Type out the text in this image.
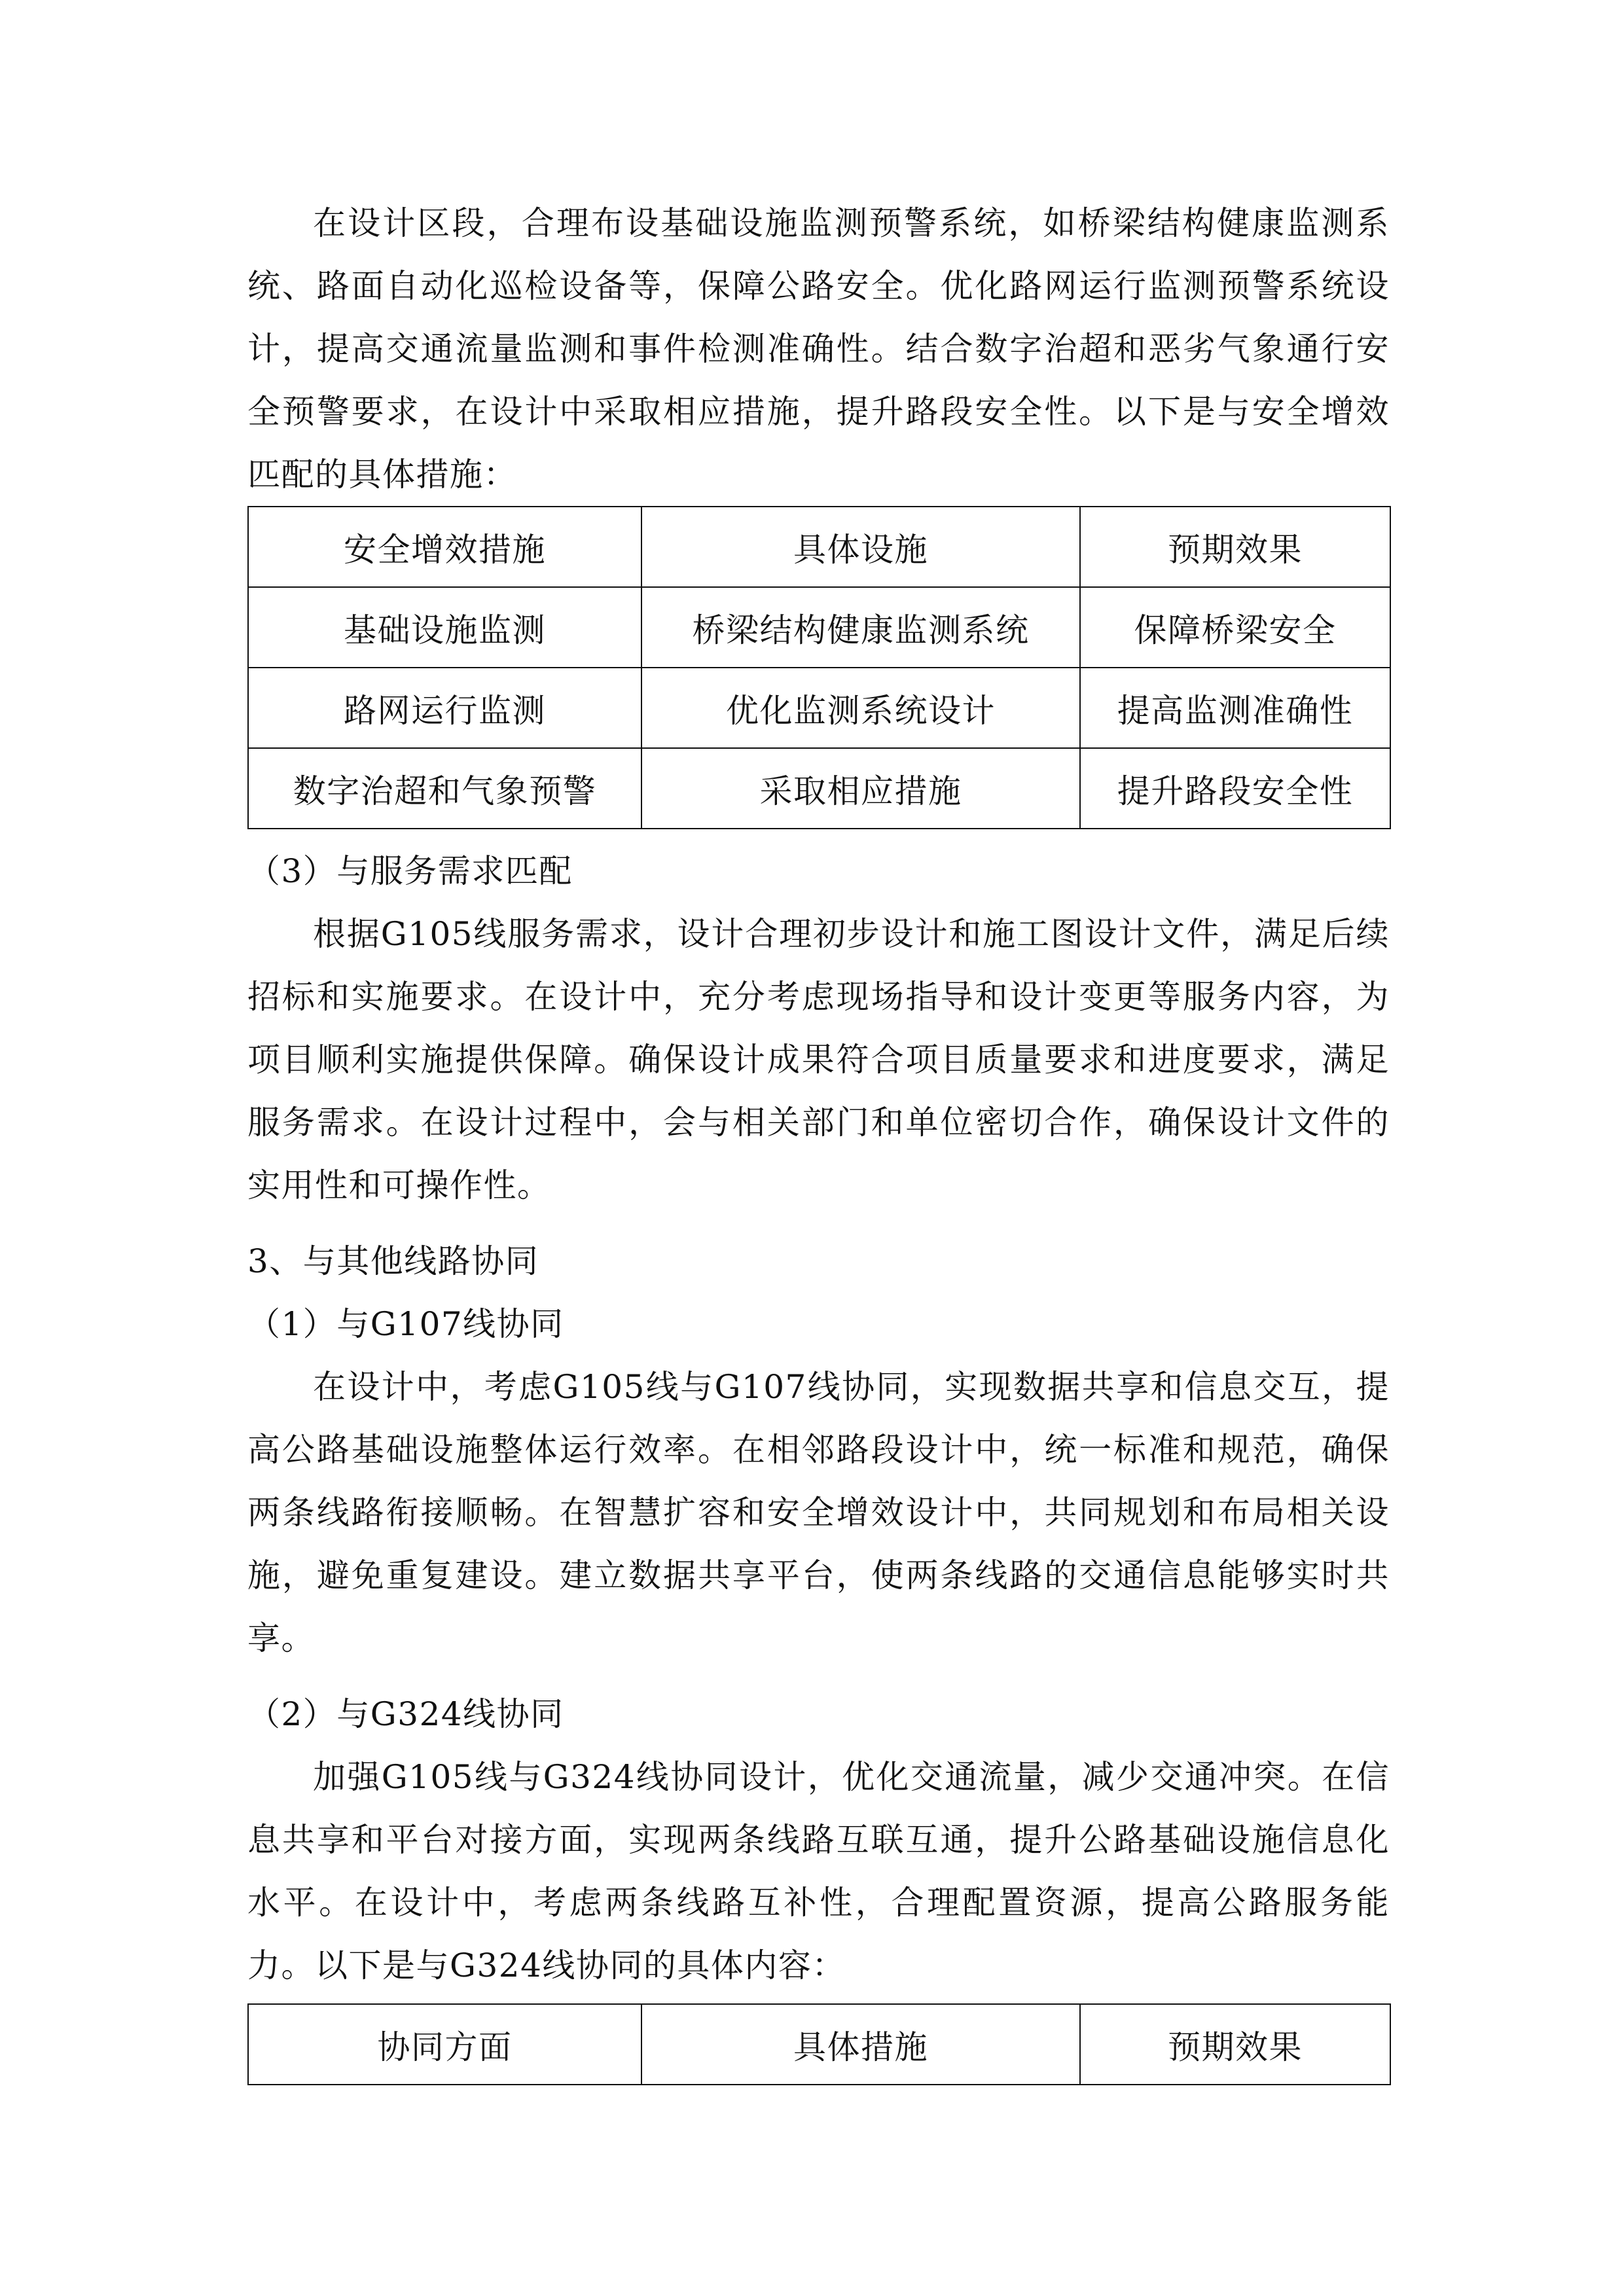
在设计区段，合理布设基础设施监测预警系统，如桥梁结构健康监测系统、路面自动化巡检设备等，保障公路安全。优化路网运行监测预警系统设计，提高交通流量监测和事件检测准确性。结合数字治超和恶劣气象通行安全预警要求，在设计中采取相应措施，提升路段安全性。以下是与安全增效匹配的具体措施：

安全增效措施	具体设施	预期效果
基础设施监测	桥梁结构健康监测系统	保障桥梁安全
路网运行监测	优化监测系统设计	提高监测准确性
数字治超和气象预警	采取相应措施	提升路段安全性
（3）与服务需求匹配

根据G105线服务需求，设计合理初步设计和施工图设计文件，满足后续招标和实施要求。在设计中，充分考虑现场指导和设计变更等服务内容，为项目顺利实施提供保障。确保设计成果符合项目质量要求和进度要求，满足服务需求。在设计过程中，会与相关部门和单位密切合作，确保设计文件的实用性和可操作性。

3、与其他线路协同
（1）与G107线协同

在设计中，考虑G105线与G107线协同，实现数据共享和信息交互，提高公路基础设施整体运行效率。在相邻路段设计中，统一标准和规范，确保两条线路衔接顺畅。在智慧扩容和安全增效设计中，共同规划和布局相关设施，避免重复建设。建立数据共享平台，使两条线路的交通信息能够实时共享。

（2）与G324线协同

加强G105线与G324线协同设计，优化交通流量，减少交通冲突。在信息共享和平台对接方面，实现两条线路互联互通，提升公路基础设施信息化水平。在设计中，考虑两条线路互补性，合理配置资源，提高公路服务能力。以下是与G324线协同的具体内容：

协同方面	具体措施	预期效果
